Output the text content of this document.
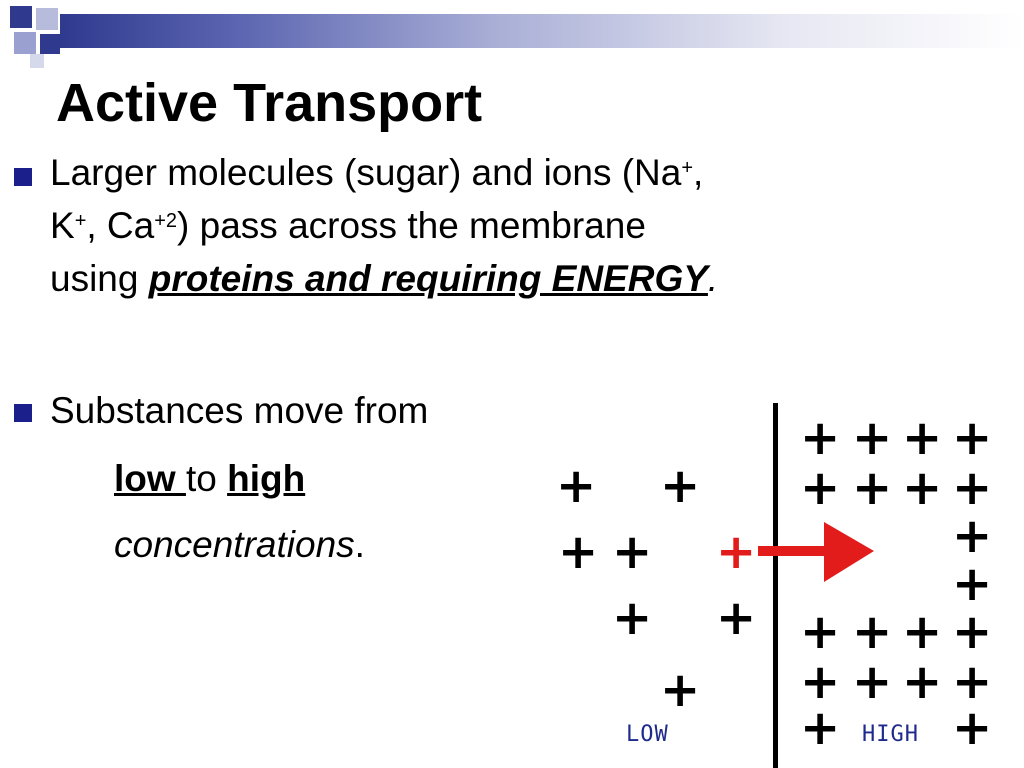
Active Transport
Larger molecules (sugar) and ions (Na+,
K+, $Ca^{+2}$) pass across the membrane
using proteins and requiring ENERGY.
Substances move from
low to high
concentrations.
+ +
+ + +
+ +
+
+ + + +
+ + + +
+
+
+ + + +
+ + + +
+ +
LOW	HIGH
